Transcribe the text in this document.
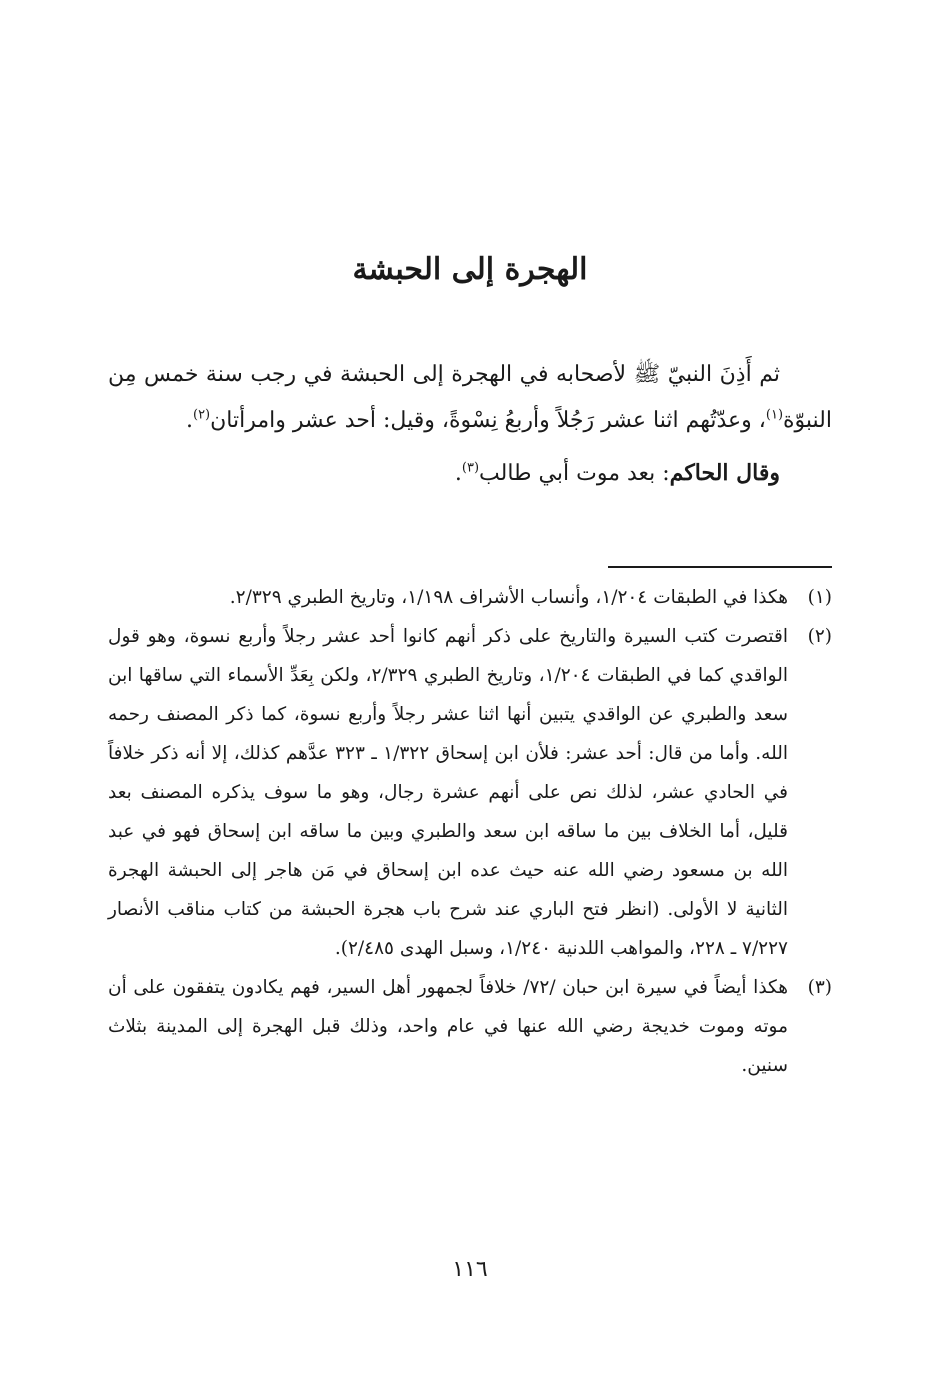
الهجرة إلى الحبشة

ثم أَذِنَ النبيّ ﷺ لأصحابه في الهجرة إلى الحبشة في رجب سنة خمس مِن النبوّة$^{(١)}$، وعدّتُهم اثنا عشر رَجُلاً وأربعُ نِسْوةً، وقيل: أحد عشر وامرأتان$^{(٢)}$.

وقال الحاكم: بعد موت أبي طالب$^{(٣)}$.

(١)
هكذا في الطبقات ١/٢٠٤، وأنساب الأشراف ١/١٩٨، وتاريخ الطبري ٢/٣٢٩.
(٢)
اقتصرت كتب السيرة والتاريخ على ذكر أنهم كانوا أحد عشر رجلاً وأربع نسوة، وهو قول الواقدي كما في الطبقات ١/٢٠٤، وتاريخ الطبري ٢/٣٢٩، ولكن بِعَدِّ الأسماء التي ساقها ابن سعد والطبري عن الواقدي يتبين أنها اثنا عشر رجلاً وأربع نسوة، كما ذكر المصنف رحمه الله. وأما من قال: أحد عشر: فلأن ابن إسحاق ١/٣٢٢ ـ ٣٢٣ عدَّهم كذلك، إلا أنه ذكر خلافاً في الحادي عشر، لذلك نص على أنهم عشرة رجال، وهو ما سوف يذكره المصنف بعد قليل، أما الخلاف بين ما ساقه ابن سعد والطبري وبين ما ساقه ابن إسحاق فهو في عبد الله بن مسعود رضي الله عنه حيث عده ابن إسحاق في مَن هاجر إلى الحبشة الهجرة الثانية لا الأولى. (انظر فتح الباري عند شرح باب هجرة الحبشة من كتاب مناقب الأنصار ٧/٢٢٧ ـ ٢٢٨، والمواهب اللدنية ١/٢٤٠، وسبل الهدى ٢/٤٨٥).
(٣)
هكذا أيضاً في سيرة ابن حبان /٧٢/ خلافاً لجمهور أهل السير، فهم يكادون يتفقون على أن موته وموت خديجة رضي الله عنها في عام واحد، وذلك قبل الهجرة إلى المدينة بثلاث سنين.
١١٦
